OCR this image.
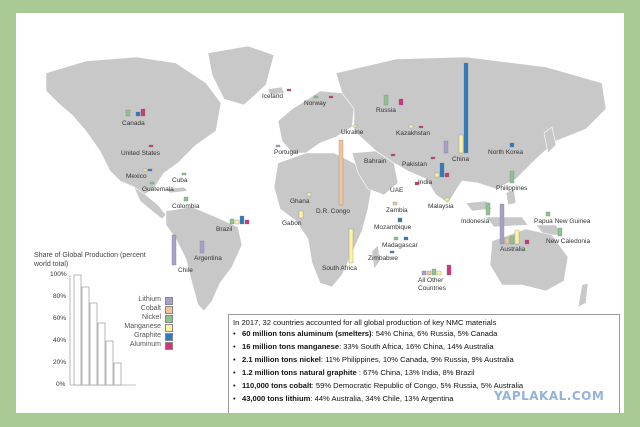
Canada
Iceland
Norway
Russia
Ukraine	Kazakhstan
United States	Portugal
Bahrain Pakistan
China
North Korea
Mexico
Cuba
Guatemala	UAE
India
Philippines
Colombia
Ghana
D.R. Congo	Zambia
Malaysia
Indonesia	Papua New Guinea
Brazil
Gabon
Mozambique
Madagascar
New Caledonia
Australia
Chile
Argentina
South Africa
Zimbabwe
All Other Countries
Share of Global Production (percent world total)
100%
80%
60%
40%
20%
0%
Lithium
Cobalt
Nickel
Manganese
Graphite
Aluminum
In 2017, 32 countries accounted for all global production of key NMC materials
•   60 million tons aluminum (smelters): 54% China, 6% Russia, 5% Canada
•   16 million tons manganese: 33% South Africa, 16% China, 14% Australia
•   2.1 million tons nickel: 11% Philippines, 10% Canada, 9% Russia, 9% Australia
•   1.2 million tons natural graphite : 67% China, 13% India, 8% Brazil
•   110,000 tons cobalt: 59% Democratic Republic of Congo, 5% Russia, 5% Australia
•   43,000 tons lithium: 44% Australia, 34% Chile, 13% Argentina	YAPLAKAL.COM
